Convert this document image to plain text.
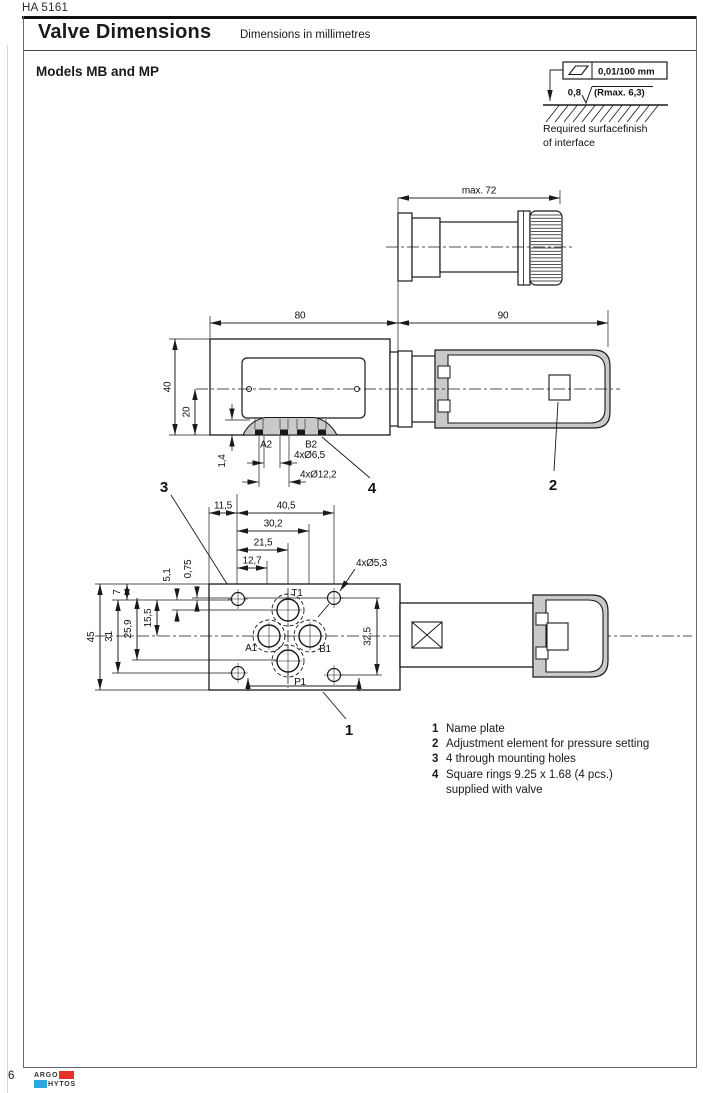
HA 5161
Valve Dimensions Dimensions in millimetres
Models MB and MP	0,01/100 mm
0,8 (Rmax. 6,3)
Required surfacefinish
of interface
max. 72
80	90
40
20
1,4
A2	B2
4xØ6,5
4xØ12,2
2
3	4
11,5	40,5
30,2
21,5
12,7	4xØ5,3
45 31 25,9
15,5
7
5,1 0,75
32,5
T1
A1	B1
P1
1	1 Name plate
2 Adjustment element for pressure setting
3 4 through mounting holes
4 Square rings 9.25 x 1.68 (4 pcs.)
supplied with valve
6	ARGO
HYTOS
